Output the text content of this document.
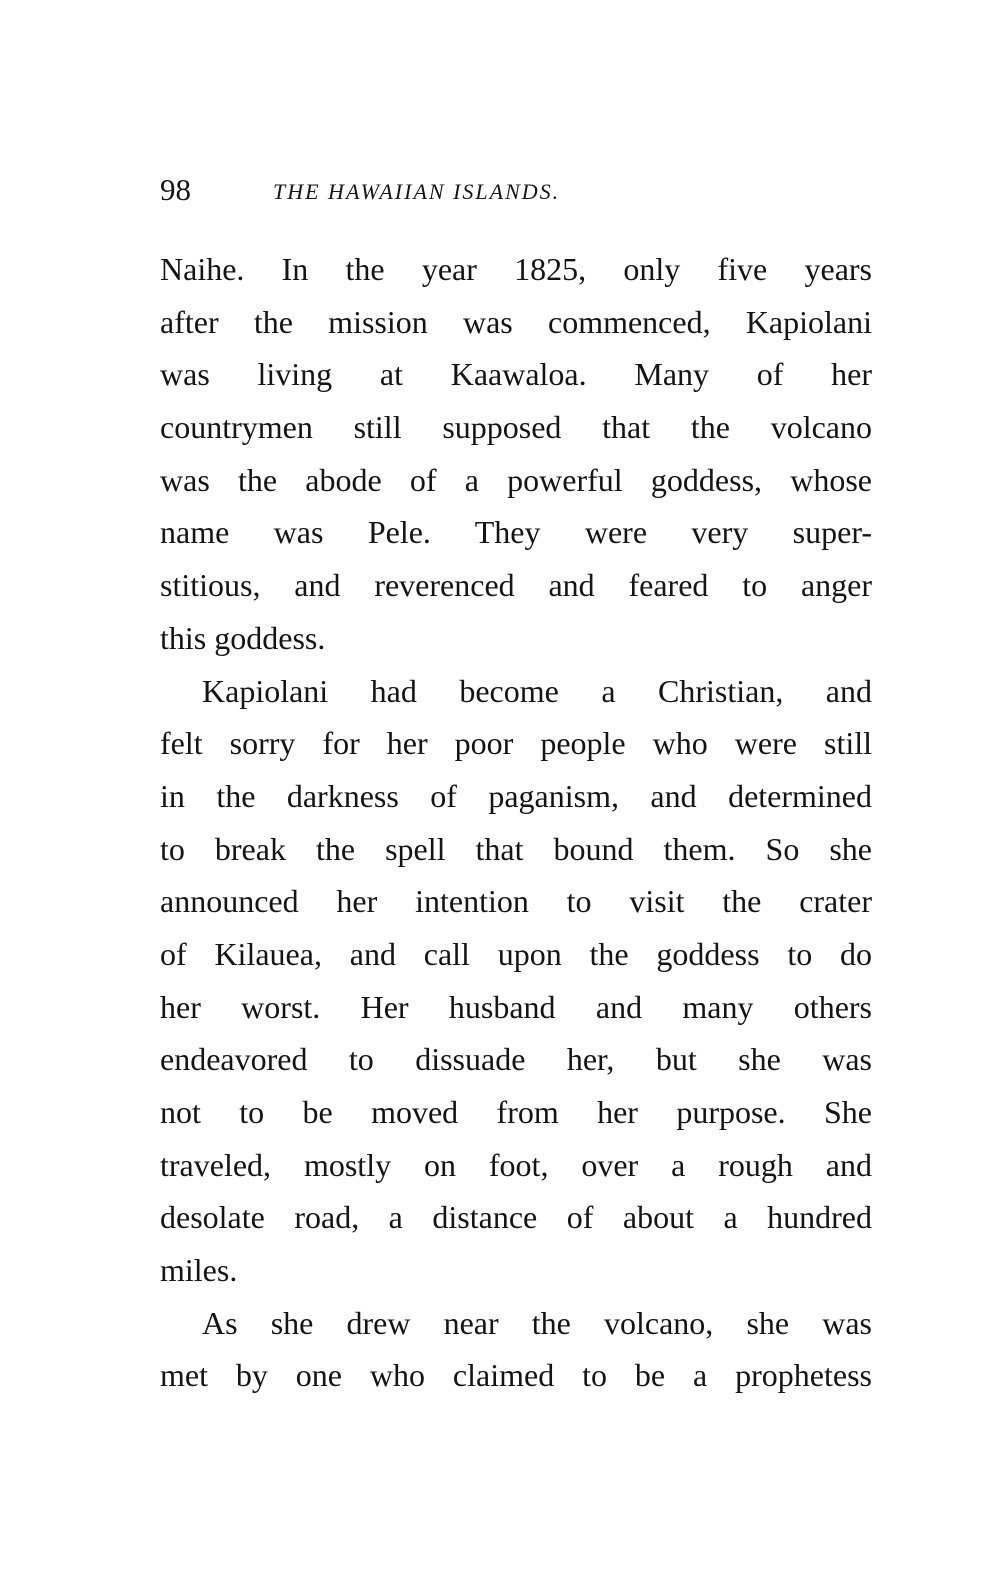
98	THE HAWAIIAN ISLANDS.
Naihe. In the year 1825, only five years
after the mission was commenced, Kapiolani
was living at Kaawaloa. Many of her
countrymen still supposed that the volcano
was the abode of a powerful goddess, whose
name was Pele. They were very super-
stitious, and reverenced and feared to anger
this goddess.
Kapiolani had become a Christian, and
felt sorry for her poor people who were still
in the darkness of paganism, and determined
to break the spell that bound them. So she
announced her intention to visit the crater
of Kilauea, and call upon the goddess to do
her worst. Her husband and many others
endeavored to dissuade her, but she was
not to be moved from her purpose. She
traveled, mostly on foot, over a rough and
desolate road, a distance of about a hundred
miles.
As she drew near the volcano, she was
met by one who claimed to be a prophetess
